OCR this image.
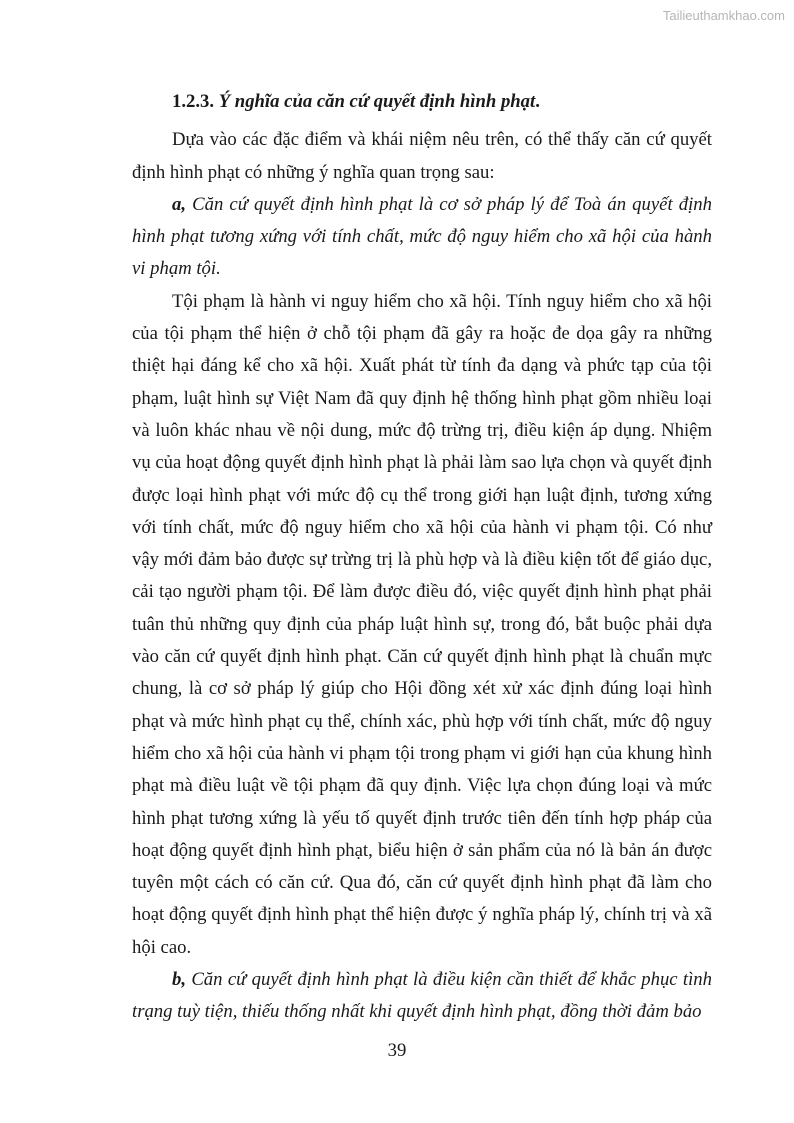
Tailieuthamkhao.com

1.2.3. Ý nghĩa của căn cứ quyết định hình phạt.

Dựa vào các đặc điểm và khái niệm nêu trên, có thể thấy căn cứ quyết định hình phạt có những ý nghĩa quan trọng sau:

a, Căn cứ quyết định hình phạt là cơ sở pháp lý để Toà án quyết định hình phạt tương xứng với tính chất, mức độ nguy hiểm cho xã hội của hành vi phạm tội.

Tội phạm là hành vi nguy hiểm cho xã hội. Tính nguy hiểm cho xã hội của tội phạm thể hiện ở chỗ tội phạm đã gây ra hoặc đe dọa gây ra những thiệt hại đáng kể cho xã hội. Xuất phát từ tính đa dạng và phức tạp của tội phạm, luật hình sự Việt Nam đã quy định hệ thống hình phạt gồm nhiều loại và luôn khác nhau về nội dung, mức độ trừng trị, điều kiện áp dụng. Nhiệm vụ của hoạt động quyết định hình phạt là phải làm sao lựa chọn và quyết định được loại hình phạt với mức độ cụ thể trong giới hạn luật định, tương xứng với tính chất, mức độ nguy hiểm cho xã hội của hành vi phạm tội. Có như vậy mới đảm bảo được sự trừng trị là phù hợp và là điều kiện tốt để giáo dục, cải tạo người phạm tội. Để làm được điều đó, việc quyết định hình phạt phải tuân thủ những quy định của pháp luật hình sự, trong đó, bắt buộc phải dựa vào căn cứ quyết định hình phạt. Căn cứ quyết định hình phạt là chuẩn mực chung, là cơ sở pháp lý giúp cho Hội đồng xét xử xác định đúng loại hình phạt và mức hình phạt cụ thể, chính xác, phù hợp với tính chất, mức độ nguy hiểm cho xã hội của hành vi phạm tội trong phạm vi giới hạn của khung hình phạt mà điều luật về tội phạm đã quy định. Việc lựa chọn đúng loại và mức hình phạt tương xứng là yếu tố quyết định trước tiên đến tính hợp pháp của hoạt động quyết định hình phạt, biểu hiện ở sản phẩm của nó là bản án được tuyên một cách có căn cứ. Qua đó, căn cứ quyết định hình phạt đã làm cho hoạt động quyết định hình phạt thể hiện được ý nghĩa pháp lý, chính trị và xã hội cao.

b, Căn cứ quyết định hình phạt là điều kiện cần thiết để khắc phục tình trạng tuỳ tiện, thiếu thống nhất khi quyết định hình phạt, đồng thời đảm bảo

39
